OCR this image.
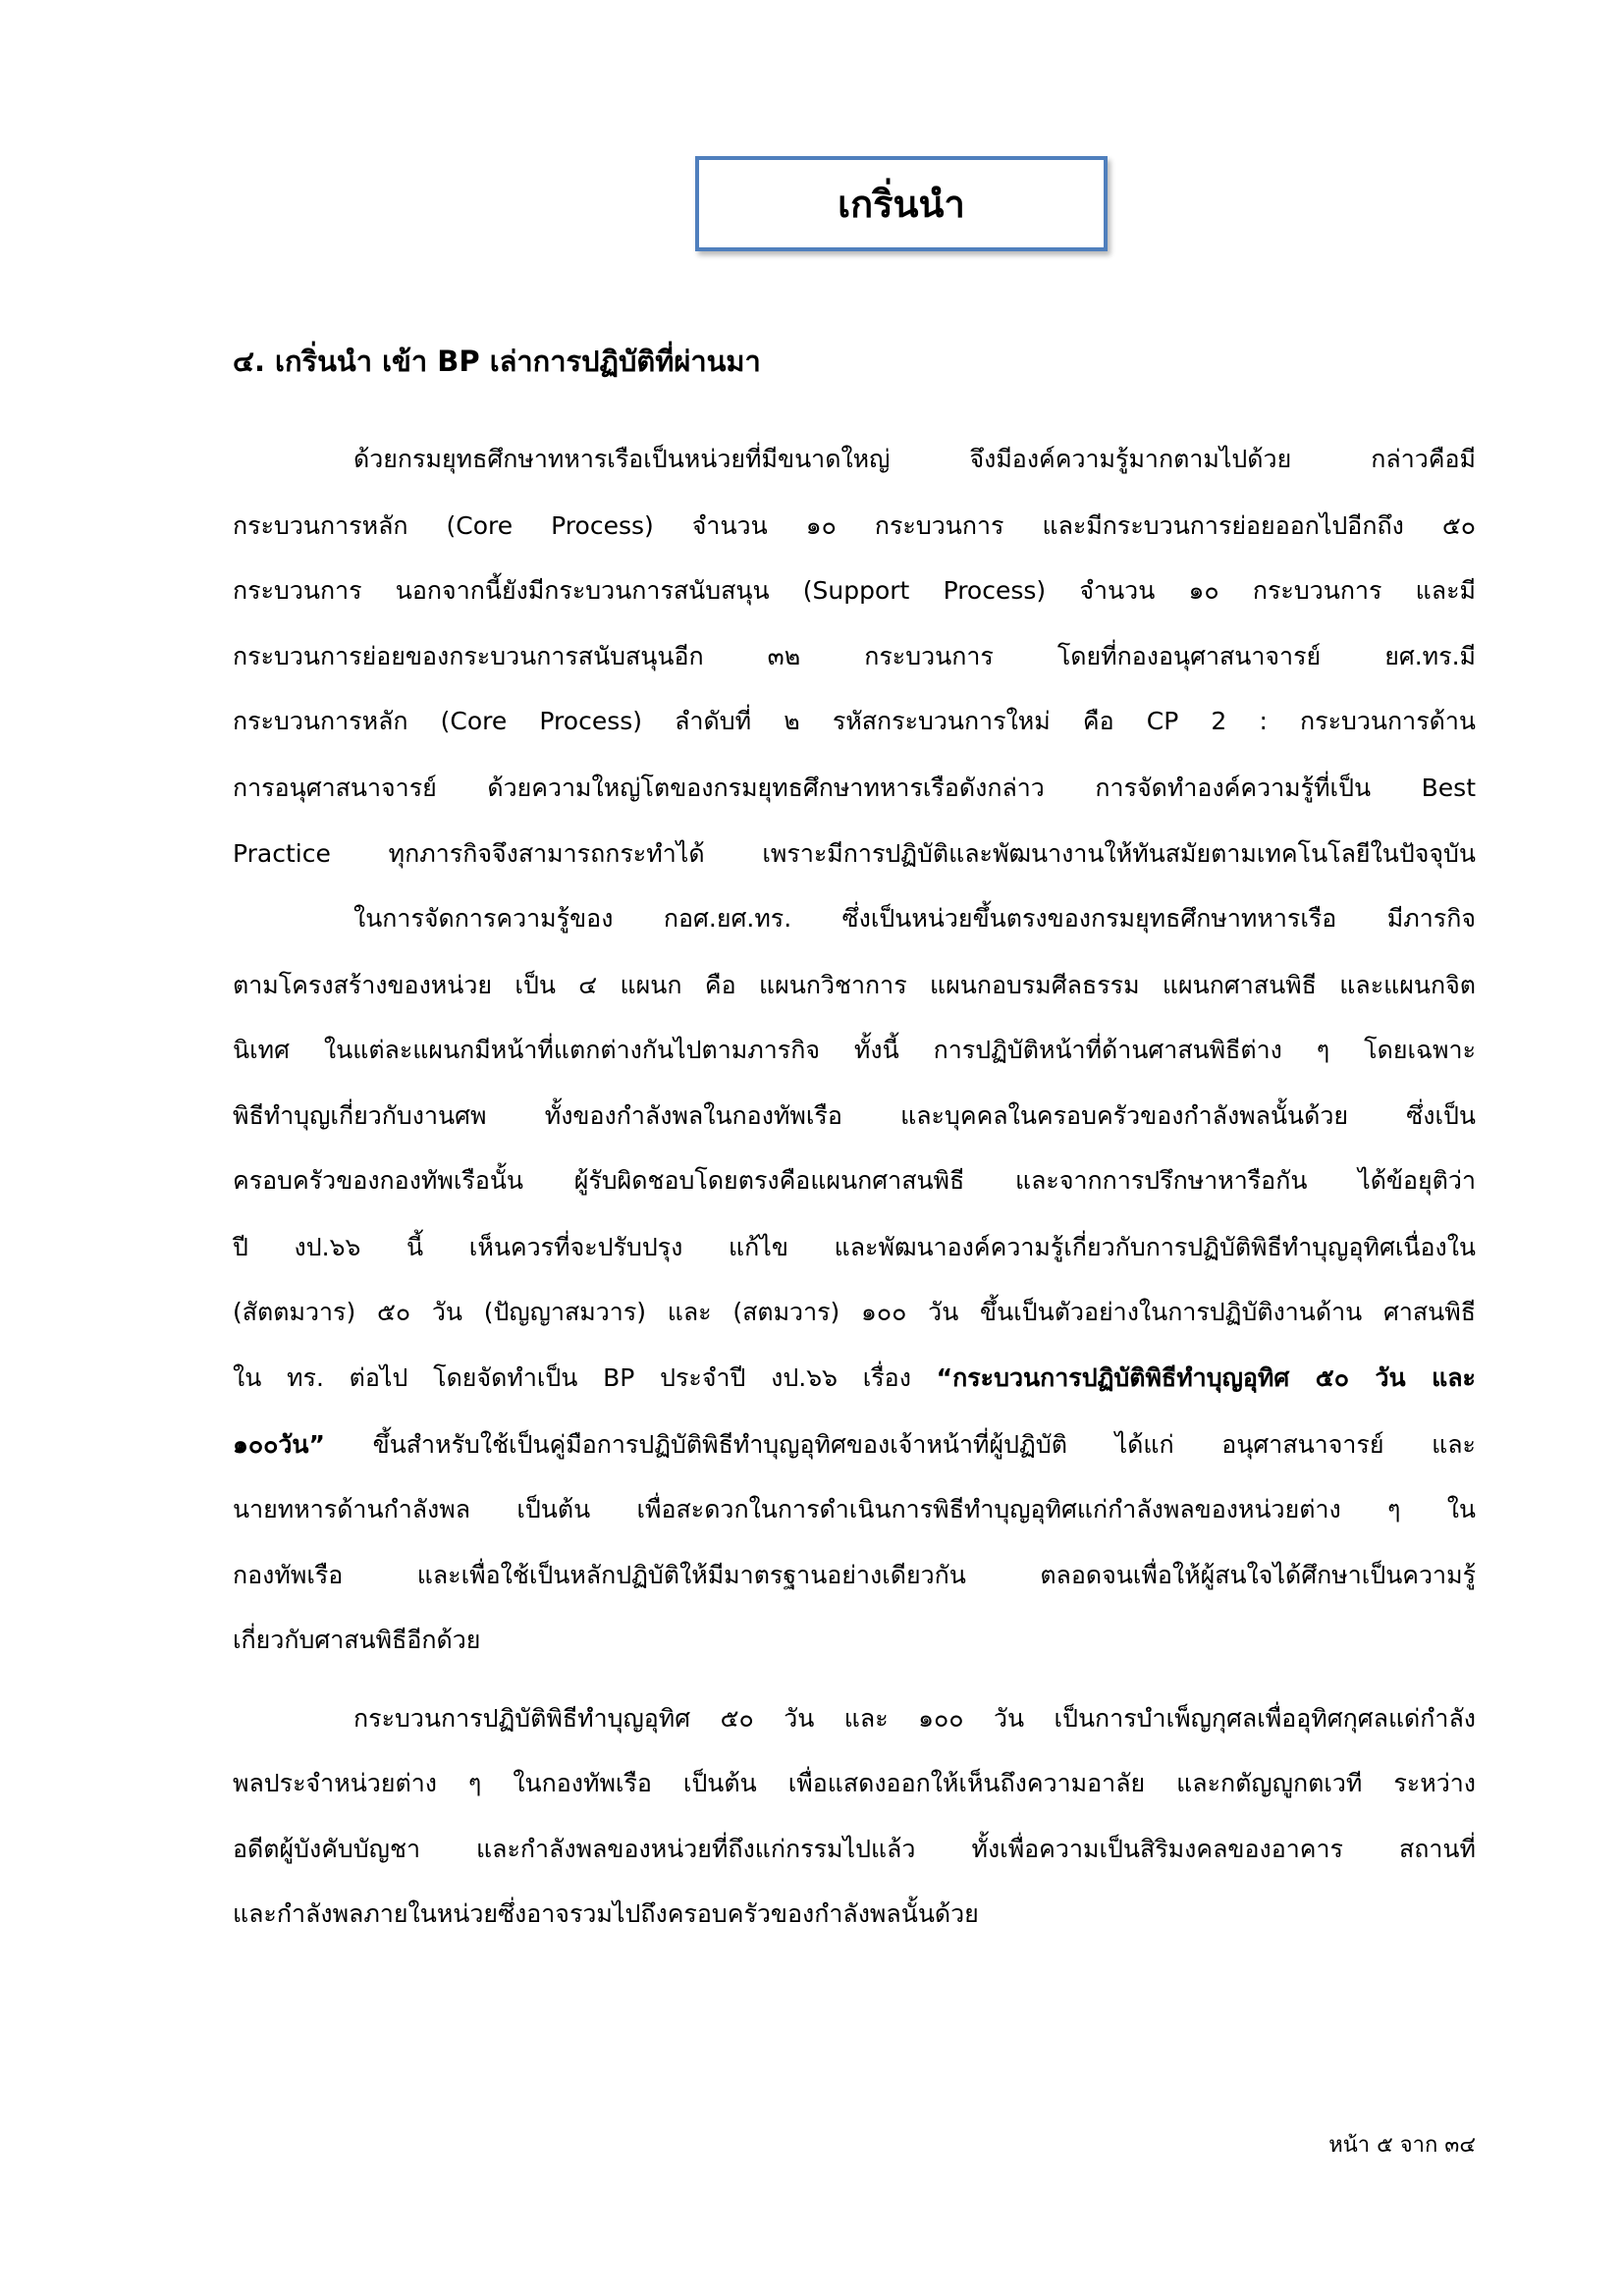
เกริ่นนำ
๔. เกริ่นนำ เข้า BP เล่าการปฏิบัติที่ผ่านมา
ด้วยกรมยุทธศึกษาทหารเรือเป็นหน่วยที่มีขนาดใหญ่ จึงมีองค์ความรู้มากตามไปด้วย กล่าวคือมี
กระบวนการหลัก (Core Process) จำนวน ๑๐ กระบวนการ และมีกระบวนการย่อยออกไปอีกถึง ๕๐
กระบวนการ นอกจากนี้ยังมีกระบวนการสนับสนุน (Support Process) จำนวน ๑๐ กระบวนการ และมี
กระบวนการย่อยของกระบวนการสนับสนุนอีก ๓๒ กระบวนการ โดยที่กองอนุศาสนาจารย์ ยศ.ทร.มี
กระบวนการหลัก (Core Process) ลำดับที่ ๒ รหัสกระบวนการใหม่ คือ CP 2 : กระบวนการด้าน
การอนุศาสนาจารย์ ด้วยความใหญ่โตของกรมยุทธศึกษาทหารเรือดังกล่าว การจัดทำองค์ความรู้ที่เป็น Best
Practice ทุกภารกิจจึงสามารถกระทำได้ เพราะมีการปฏิบัติและพัฒนางานให้ทันสมัยตามเทคโนโลยีในปัจจุบัน
ในการจัดการความรู้ของ กอศ.ยศ.ทร. ซึ่งเป็นหน่วยขึ้นตรงของกรมยุทธศึกษาทหารเรือ มีภารกิจ
ตามโครงสร้างของหน่วย เป็น ๔ แผนก คือ แผนกวิชาการ แผนกอบรมศีลธรรม แผนกศาสนพิธี และแผนกจิต
นิเทศ ในแต่ละแผนกมีหน้าที่แตกต่างกันไปตามภารกิจ ทั้งนี้ การปฏิบัติหน้าที่ด้านศาสนพิธีต่าง ๆ โดยเฉพาะ
พิธีทำบุญเกี่ยวกับงานศพ ทั้งของกำลังพลในกองทัพเรือ และบุคคลในครอบครัวของกำลังพลนั้นด้วย ซึ่งเป็น
ครอบครัวของกองทัพเรือนั้น ผู้รับผิดชอบโดยตรงคือแผนกศาสนพิธี และจากการปรึกษาหารือกัน ได้ข้อยุติว่า
ปี งป.๖๖ นี้ เห็นควรที่จะปรับปรุง แก้ไข และพัฒนาองค์ความรู้เกี่ยวกับการปฏิบัติพิธีทำบุญอุทิศเนื่องใน
(สัตตมวาร) ๕๐ วัน (ปัญญาสมวาร) และ (สตมวาร) ๑๐๐ วัน ขึ้นเป็นตัวอย่างในการปฏิบัติงานด้าน ศาสนพิธี
ใน ทร. ต่อไป โดยจัดทำเป็น BP ประจำปี งป.๖๖ เรื่อง “กระบวนการปฏิบัติพิธีทำบุญอุทิศ ๕๐ วัน และ
๑๐๐วัน” ขึ้นสำหรับใช้เป็นคู่มือการปฏิบัติพิธีทำบุญอุทิศของเจ้าหน้าที่ผู้ปฏิบัติ ได้แก่ อนุศาสนาจารย์ และ
นายทหารด้านกำลังพล เป็นต้น เพื่อสะดวกในการดำเนินการพิธีทำบุญอุทิศแก่กำลังพลของหน่วยต่าง ๆ ใน
กองทัพเรือ และเพื่อใช้เป็นหลักปฏิบัติให้มีมาตรฐานอย่างเดียวกัน ตลอดจนเพื่อให้ผู้สนใจได้ศึกษาเป็นความรู้
เกี่ยวกับศาสนพิธีอีกด้วย
กระบวนการปฏิบัติพิธีทำบุญอุทิศ ๕๐ วัน และ ๑๐๐ วัน เป็นการบำเพ็ญกุศลเพื่ออุทิศกุศลแด่กำลัง
พลประจำหน่วยต่าง ๆ ในกองทัพเรือ เป็นต้น เพื่อแสดงออกให้เห็นถึงความอาลัย และกตัญญูกตเวที ระหว่าง
อดีตผู้บังคับบัญชา และกำลังพลของหน่วยที่ถึงแก่กรรมไปแล้ว ทั้งเพื่อความเป็นสิริมงคลของอาคาร สถานที่
และกำลังพลภายในหน่วยซึ่งอาจรวมไปถึงครอบครัวของกำลังพลนั้นด้วย
หน้า ๕ จาก ๓๔
